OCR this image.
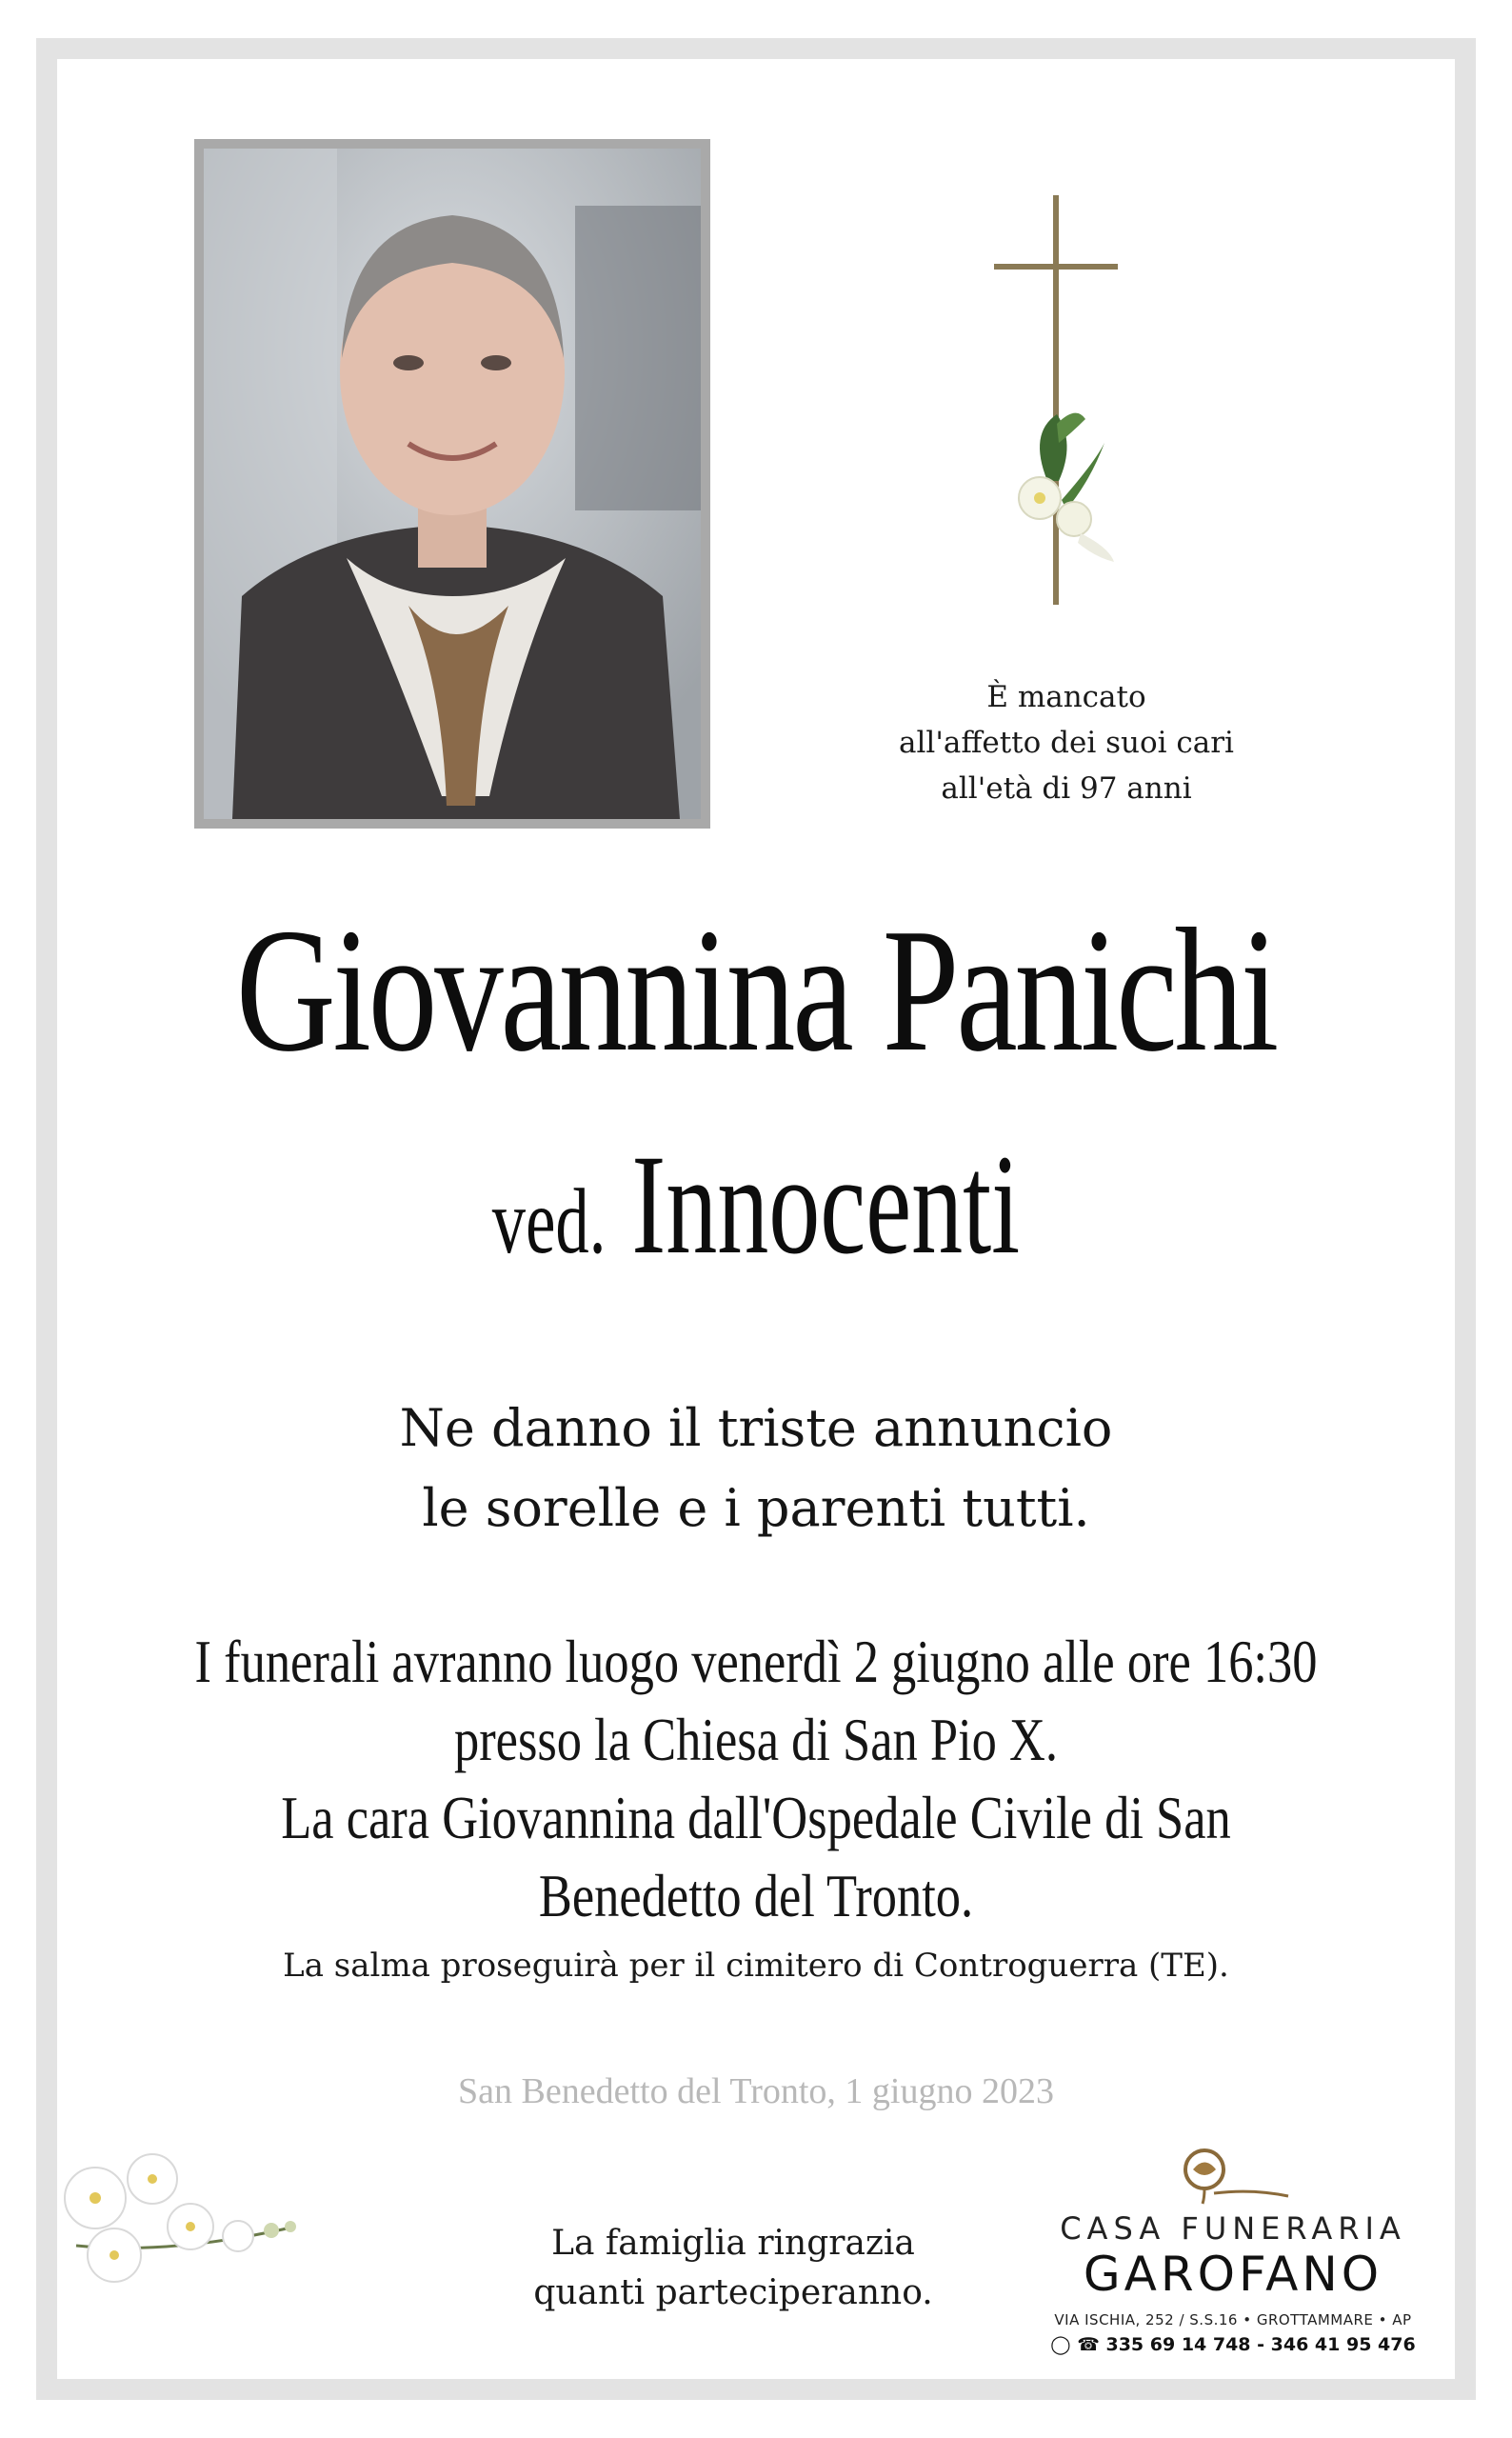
È mancato
all'affetto dei suoi cari
all'età di 97 anni
Giovannina Panichi
ved. Innocenti
Ne danno il triste annuncio
le sorelle e i parenti tutti.
I funerali avranno luogo venerdì 2 giugno alle ore 16:30
presso la Chiesa di San Pio X.
La cara Giovannina dall'Ospedale Civile di San Benedetto del Tronto.
La salma proseguirà per il cimitero di Controguerra (TE).
San Benedetto del Tronto, 1 giugno 2023
La famiglia ringrazia
quanti parteciperanno.
CASA FUNERARIA
GAROFANO
VIA ISCHIA, 252 / S.S.16 • GROTTAMMARE • AP
◯ ☎ 335 69 14 748 - 346 41 95 476
